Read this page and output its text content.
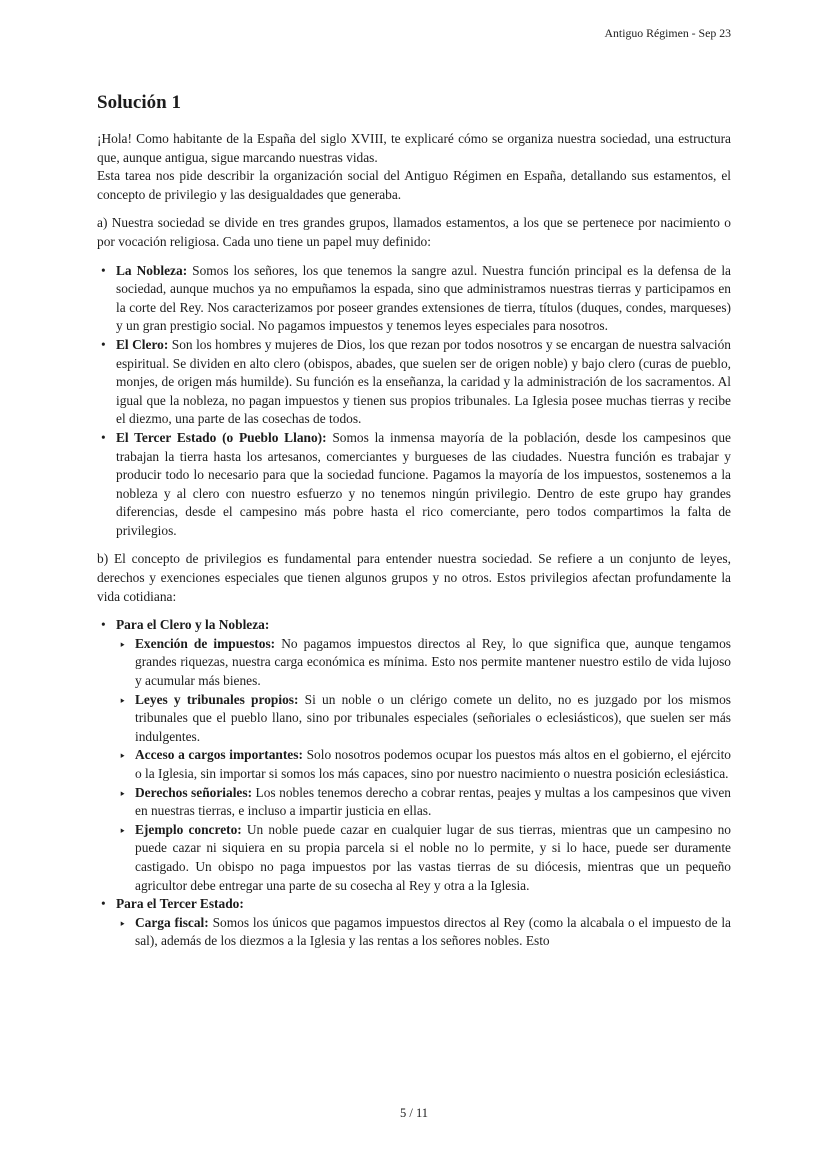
Antiguo Régimen - Sep 23
Solución 1

¡Hola! Como habitante de la España del siglo XVIII, te explicaré cómo se organiza nuestra sociedad, una estructura que, aunque antigua, sigue marcando nuestras vidas.

Esta tarea nos pide describir la organización social del Antiguo Régimen en España, detallando sus estamentos, el concepto de privilegio y las desigualdades que generaba.

a) Nuestra sociedad se divide en tres grandes grupos, llamados estamentos, a los que se pertenece por nacimiento o por vocación religiosa. Cada uno tiene un papel muy definido:

• La Nobleza: Somos los señores, los que tenemos la sangre azul. Nuestra función principal es la defensa de la sociedad, aunque muchos ya no empuñamos la espada, sino que administramos nuestras tierras y participamos en la corte del Rey. Nos caracterizamos por poseer grandes extensiones de tierra, títulos (duques, condes, marqueses) y un gran prestigio social. No pagamos impuestos y tenemos leyes especiales para nosotros.

• El Clero: Son los hombres y mujeres de Dios, los que rezan por todos nosotros y se encargan de nuestra salvación espiritual. Se dividen en alto clero (obispos, abades, que suelen ser de origen noble) y bajo clero (curas de pueblo, monjes, de origen más humilde). Su función es la enseñanza, la caridad y la administración de los sacramentos. Al igual que la nobleza, no pagan impuestos y tienen sus propios tribunales. La Iglesia posee muchas tierras y recibe el diezmo, una parte de las cosechas de todos.

• El Tercer Estado (o Pueblo Llano): Somos la inmensa mayoría de la población, desde los campesinos que trabajan la tierra hasta los artesanos, comerciantes y burgueses de las ciudades. Nuestra función es trabajar y producir todo lo necesario para que la sociedad funcione. Pagamos la mayoría de los impuestos, sostenemos a la nobleza y al clero con nuestro esfuerzo y no tenemos ningún privilegio. Dentro de este grupo hay grandes diferencias, desde el campesino más pobre hasta el rico comerciante, pero todos compartimos la falta de privilegios.

b) El concepto de privilegios es fundamental para entender nuestra sociedad. Se refiere a un conjunto de leyes, derechos y exenciones especiales que tienen algunos grupos y no otros. Estos privilegios afectan profundamente la vida cotidiana:

• Para el Clero y la Nobleza:

‣ Exención de impuestos: No pagamos impuestos directos al Rey, lo que significa que, aunque tengamos grandes riquezas, nuestra carga económica es mínima. Esto nos permite mantener nuestro estilo de vida lujoso y acumular más bienes.

‣ Leyes y tribunales propios: Si un noble o un clérigo comete un delito, no es juzgado por los mismos tribunales que el pueblo llano, sino por tribunales especiales (señoriales o eclesiásticos), que suelen ser más indulgentes.

‣ Acceso a cargos importantes: Solo nosotros podemos ocupar los puestos más altos en el gobierno, el ejército o la Iglesia, sin importar si somos los más capaces, sino por nuestro nacimiento o nuestra posición eclesiástica.

‣ Derechos señoriales: Los nobles tenemos derecho a cobrar rentas, peajes y multas a los campesinos que viven en nuestras tierras, e incluso a impartir justicia en ellas.

‣ Ejemplo concreto: Un noble puede cazar en cualquier lugar de sus tierras, mientras que un campesino no puede cazar ni siquiera en su propia parcela si el noble no lo permite, y si lo hace, puede ser duramente castigado. Un obispo no paga impuestos por las vastas tierras de su diócesis, mientras que un pequeño agricultor debe entregar una parte de su cosecha al Rey y otra a la Iglesia.

• Para el Tercer Estado:

‣ Carga fiscal: Somos los únicos que pagamos impuestos directos al Rey (como la alcabala o el impuesto de la sal), además de los diezmos a la Iglesia y las rentas a los señores nobles. Esto

5 / 11
